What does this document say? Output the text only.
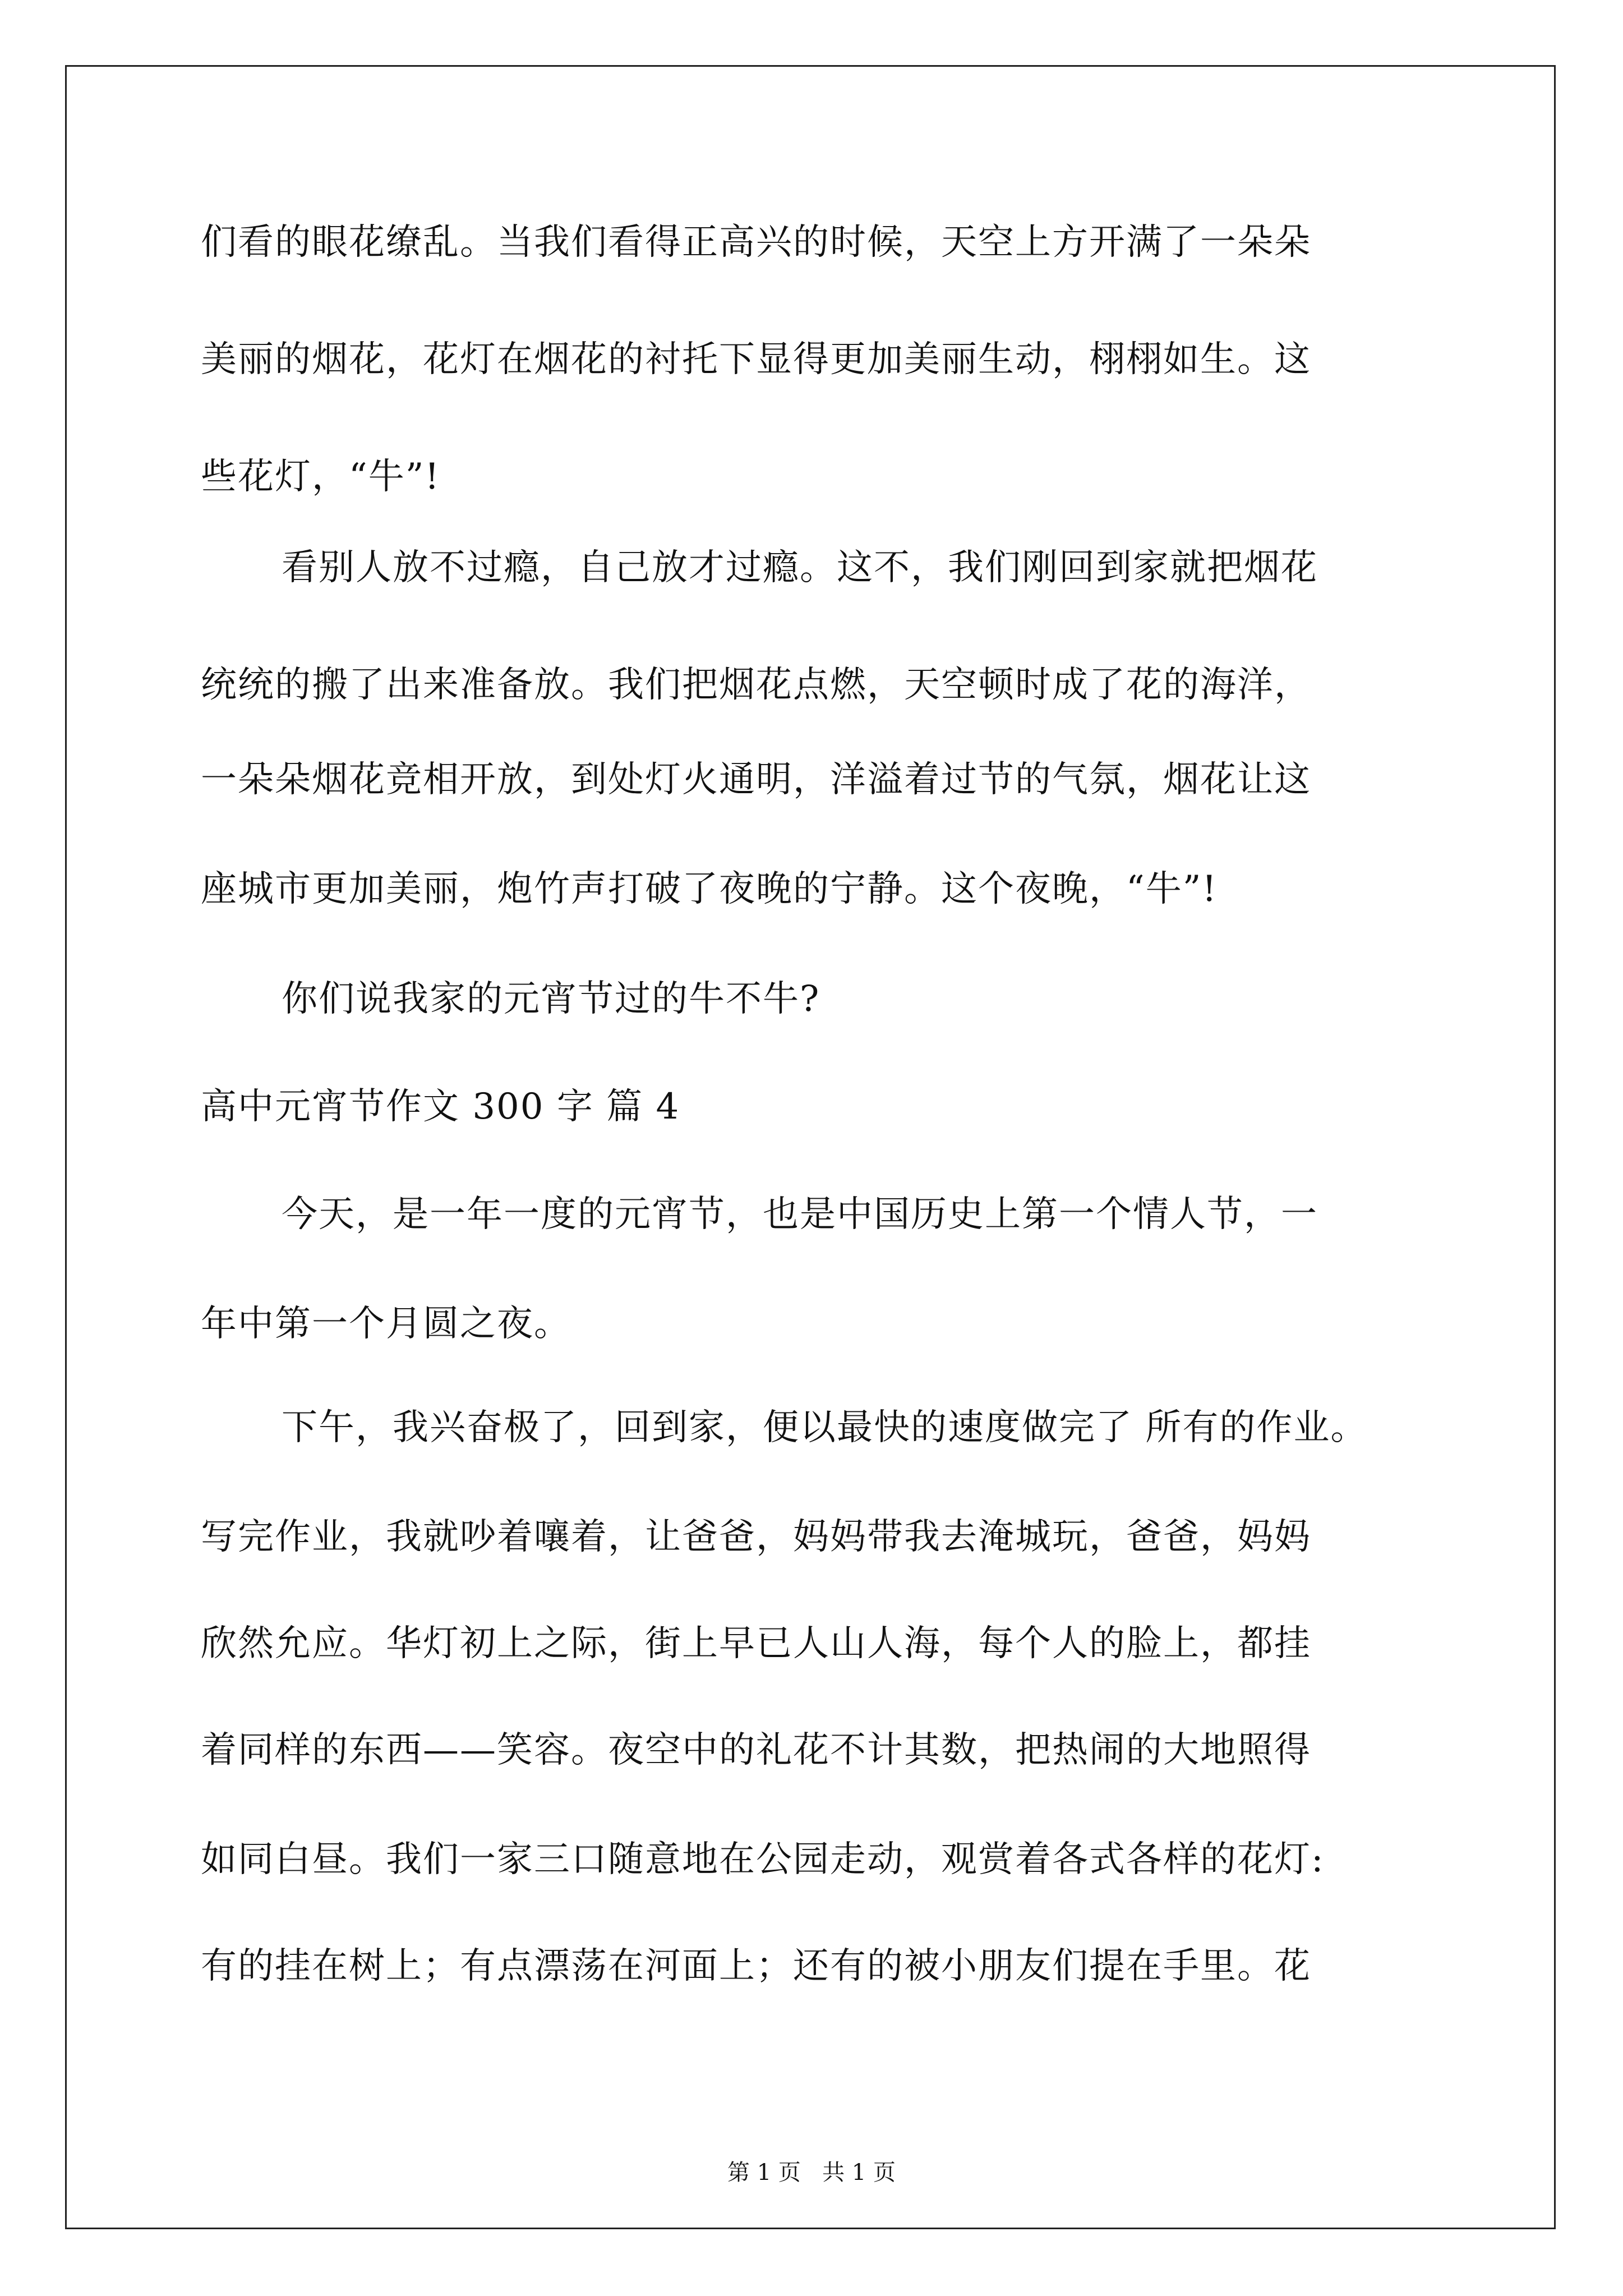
们看的眼花缭乱。当我们看得正高兴的时候，天空上方开满了一朵朵
美丽的烟花，花灯在烟花的衬托下显得更加美丽生动，栩栩如生。这
些花灯，“牛”!
看别人放不过瘾，自己放才过瘾。这不，我们刚回到家就把烟花
统统的搬了出来准备放。我们把烟花点燃，天空顿时成了花的海洋，
一朵朵烟花竞相开放，到处灯火通明，洋溢着过节的气氛，烟花让这
座城市更加美丽，炮竹声打破了夜晚的宁静。这个夜晚，“牛”!
你们说我家的元宵节过的牛不牛?
高中元宵节作文 300 字 篇 4
今天，是一年一度的元宵节，也是中国历史上第一个情人节，一
年中第一个月圆之夜。
下午，我兴奋极了，回到家，便以最快的速度做完了 所有的作业。
写完作业，我就吵着嚷着，让爸爸，妈妈带我去淹城玩，爸爸，妈妈
欣然允应。华灯初上之际，街上早已人山人海，每个人的脸上，都挂
着同样的东西——笑容。夜空中的礼花不计其数，把热闹的大地照得
如同白昼。我们一家三口随意地在公园走动，观赏着各式各样的花灯:
有的挂在树上；有点漂荡在河面上；还有的被小朋友们提在手里。花
第 1 页   共 1 页
